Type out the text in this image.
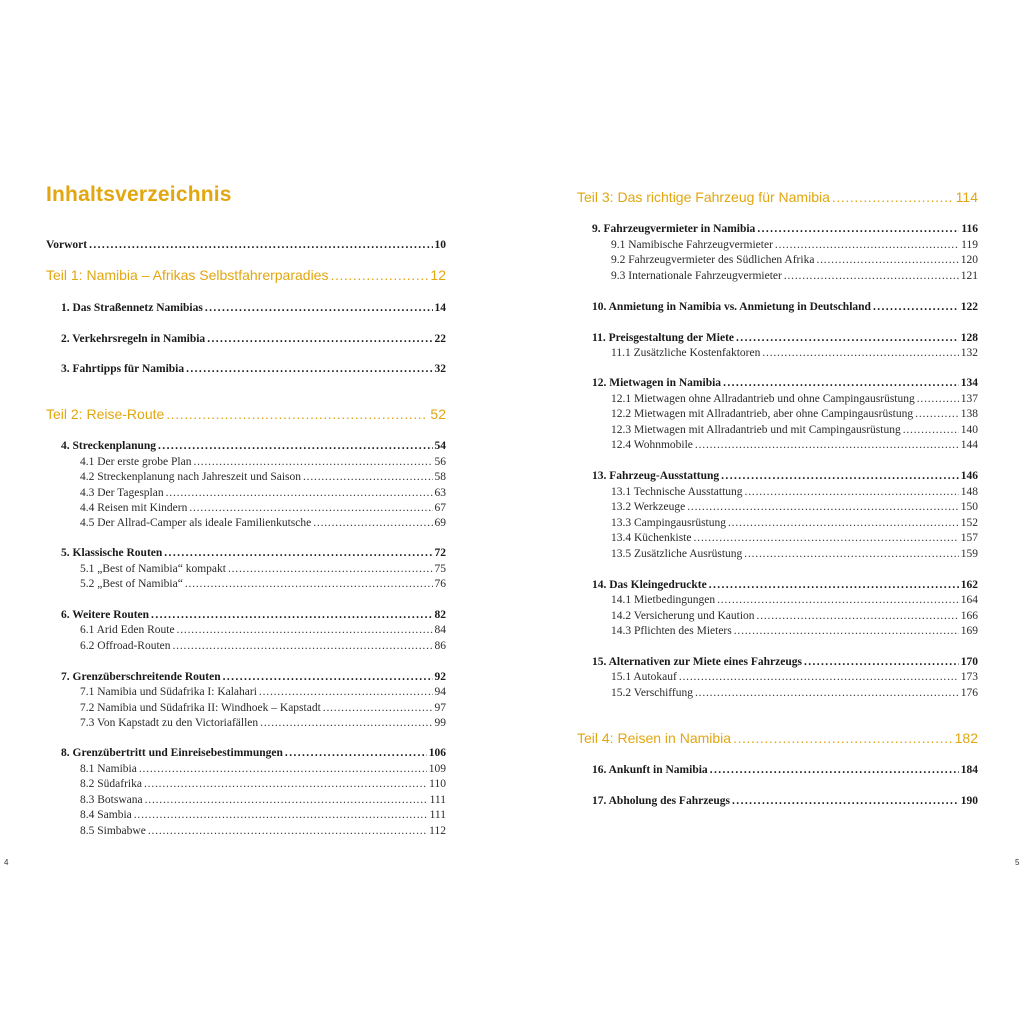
Inhaltsverzeichnis
Vorwort .....	10
Teil 1: Namibia – Afrikas Selbstfahrerparadies .....	12
1. Das Straßennetz Namibias .....	14
2. Verkehrsregeln in Namibia .....	22
3. Fahrtipps für Namibia .....	32
Teil 2: Reise-Route .....	52
4. Streckenplanung .....	54
4.1 Der erste grobe Plan .....	56
4.2 Streckenplanung nach Jahreszeit und Saison .....	58
4.3 Der Tagesplan .....	63
4.4 Reisen mit Kindern .....	67
4.5 Der Allrad-Camper als ideale Familienkutsche .....	69
5. Klassische Routen .....	72
5.1 „Best of Namibia“ kompakt .....	75
5.2 „Best of Namibia“ .....	76
6. Weitere Routen .....	82
6.1 Arid Eden Route .....	84
6.2 Offroad-Routen .....	86
7. Grenzüberschreitende Routen .....	92
7.1 Namibia und Südafrika I: Kalahari .....	94
7.2 Namibia und Südafrika II: Windhoek – Kapstadt .....	97
7.3 Von Kapstadt zu den Victoriafällen .....	99
8. Grenzübertritt und Einreisebestimmungen .....	106
8.1 Namibia .....	109
8.2 Südafrika .....	110
8.3 Botswana .....	111
8.4 Sambia .....	111
8.5 Simbabwe .....	112
4
Teil 3: Das richtige Fahrzeug für Namibia .....	114
9. Fahrzeugvermieter in Namibia .....	116
9.1 Namibische Fahrzeugvermieter .....	119
9.2 Fahrzeugvermieter des Südlichen Afrika .....	120
9.3 Internationale Fahrzeugvermieter .....	121
10. Anmietung in Namibia vs. Anmietung in Deutschland .....	122
11. Preisgestaltung der Miete .....	128
11.1 Zusätzliche Kostenfaktoren .....	132
12. Mietwagen in Namibia .....	134
12.1 Mietwagen ohne Allradantrieb und ohne Campingausrüstung .....	137
12.2 Mietwagen mit Allradantrieb, aber ohne Campingausrüstung .....	138
12.3 Mietwagen mit Allradantrieb und mit Campingausrüstung .....	140
12.4 Wohnmobile .....	144
13. Fahrzeug-Ausstattung .....	146
13.1 Technische Ausstattung .....	148
13.2 Werkzeuge .....	150
13.3 Campingausrüstung .....	152
13.4 Küchenkiste .....	157
13.5 Zusätzliche Ausrüstung .....	159
14. Das Kleingedruckte .....	162
14.1 Mietbedingungen .....	164
14.2 Versicherung und Kaution .....	166
14.3 Pflichten des Mieters .....	169
15. Alternativen zur Miete eines Fahrzeugs .....	170
15.1 Autokauf .....	173
15.2 Verschiffung .....	176
Teil 4: Reisen in Namibia .....	182
16. Ankunft in Namibia .....	184
17. Abholung des Fahrzeugs .....	190
5
